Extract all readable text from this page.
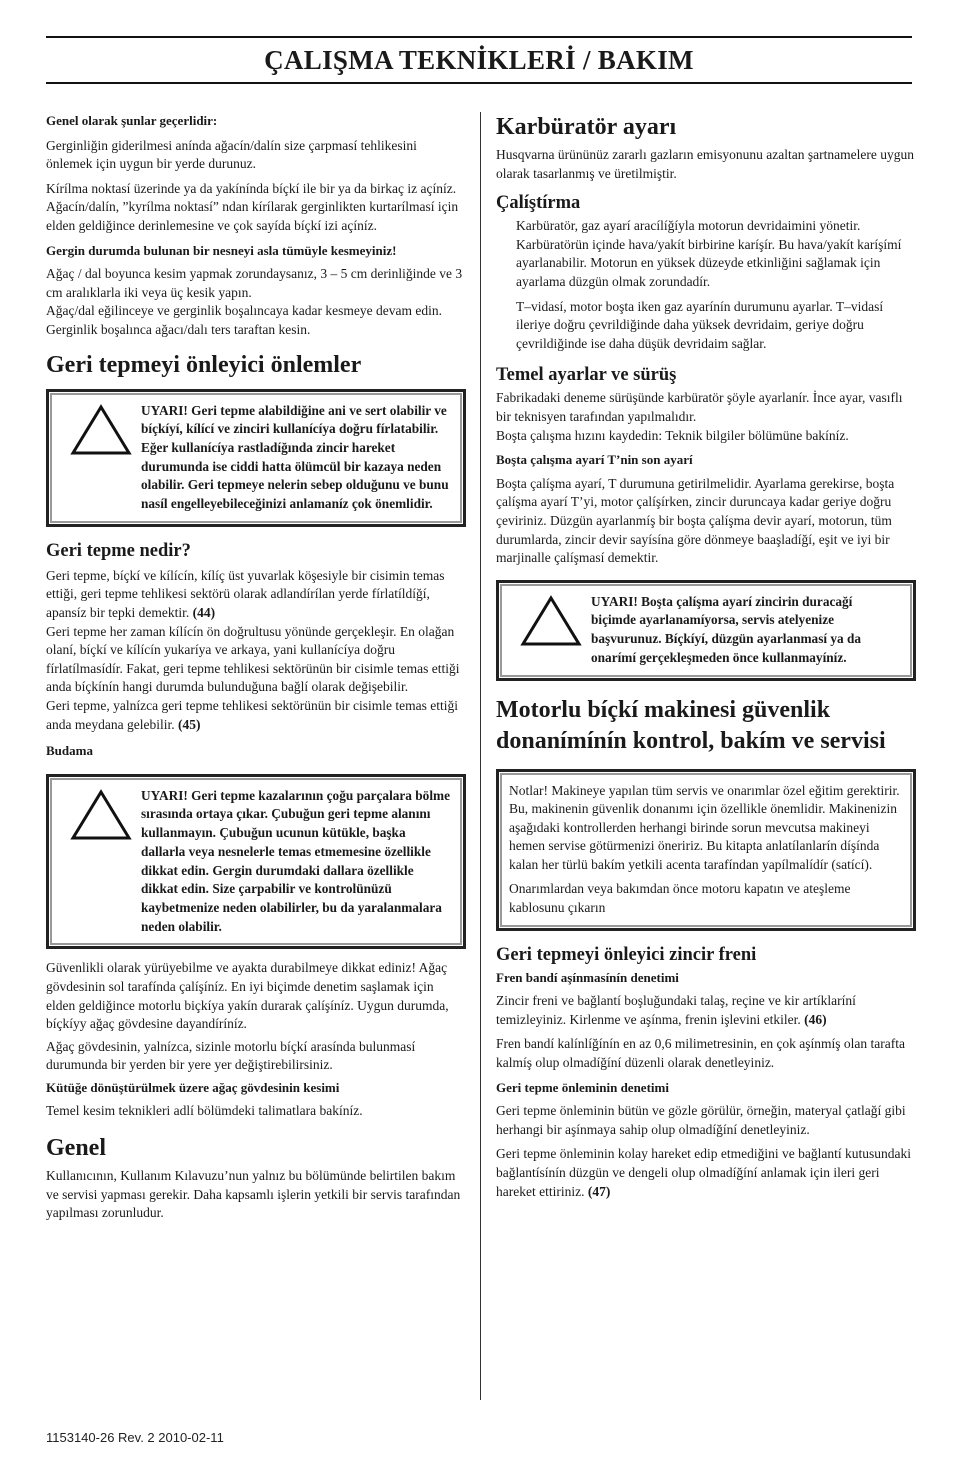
ÇALIŞMA TEKNİKLERİ / BAKIM

Genel olarak şunlar geçerlidir:

Gerginliğin giderilmesi anínda ağacín/dalín size çarpmasí tehlikesini önlemek için uygun bir yerde durunuz.

Kírílma noktasí üzerinde ya da yakínínda bíçkí ile bir ya da birkaç iz açíníz. Ağacín/dalín, ”kyrílma noktasí” ndan kírílarak gerginlikten kurtarílmasí için elden geldiğince derinlemesine ve çok sayída bíçkí izi açíníz.

Gergin durumda bulunan bir nesneyi asla tümüyle kesmeyiniz!

Ağaç / dal boyunca kesim yapmak zorundaysanız, 3 – 5 cm derinliğinde ve 3 cm aralıklarla iki veya üç kesik yapın.

Ağaç/dal eğilinceye ve gerginlik boşalıncaya kadar kesmeye devam edin.

Gerginlik boşalınca ağacı/dalı ters taraftan kesin.

Geri tepmeyi önleyici önlemler
UYARI! Geri tepme alabildiğine ani ve sert olabilir ve bíçkíyí, kílící ve zinciri kullanícíya doğru fírlatabilir. Eğer kullanícíya rastladíğında zincir hareket durumunda ise ciddi hatta ölümcül bir kazaya neden olabilir. Geri tepmeye nelerin sebep olduğunu ve bunu nasíl engelleyebileceğinizi anlamaníz çok önemlidir.
Geri tepme nedir?

Geri tepme, bíçkí ve kílícín, kílíç üst yuvarlak köşesiyle bir cisimin temas ettiği, geri tepme tehlikesi sektörü olarak adlandírílan yerde fírlatíldíğí, apansíz bir tepki demektir. (44)

Geri tepme her zaman kílícín ön doğrultusu yönünde gerçekleşir. En olağan olaní, bíçkí ve kílícín yukaríya ve arkaya, yani kullanícíya doğru fírlatílmasídír. Fakat, geri tepme tehlikesi sektörünün bir cisimle temas ettiği anda bíçkínín hangi durumda bulunduğuna bağlí olarak değişebilir.

Geri tepme, yalnízca geri tepme tehlikesi sektörünün bir cisimle temas ettiği anda meydana gelebilir. (45)

Budama

UYARI! Geri tepme kazalarının çoğu parçalara bölme sırasında ortaya çıkar. Çubuğun geri tepme alanını kullanmayın. Çubuğun ucunun kütükle, başka dallarla veya nesnelerle temas etmemesine özellikle dikkat edin. Gergin durumdaki dallara özellikle dikkat edin. Size çarpabilir ve kontrolünüzü kaybetmenize neden olabilirler, bu da yaralanmalara neden olabilir.

Güvenlikli olarak yürüyebilme ve ayakta durabilmeye dikkat ediniz! Ağaç gövdesinin sol tarafínda çalíşíníz. En iyi biçimde denetim saşlamak için elden geldiğince motorlu biçkíya yakín durarak çalíşíníz. Uygun durumda, bíçkíyy ağaç gövdesine dayandíríníz.

Ağaç gövdesinin, yalnízca, sizinle motorlu bíçkí arasínda bulunmasí durumunda bir yerden bir yere yer değiştirebilirsiniz.

Kütüğe dönüştürülmek üzere ağaç gövdesinin kesimi

Temel kesim teknikleri adlí bölümdeki talimatlara bakíníz.

Genel

Kullanıcının, Kullanım Kılavuzu’nun yalnız bu bölümünde belirtilen bakım ve servisi yapması gerekir. Daha kapsamlı işlerin yetkili bir servis tarafından yapılması zorunludur.

Karbüratör ayarı

Husqvarna ürününüz zararlı gazların emisyonunu azaltan şartnamelere uygun olarak tasarlanmış ve üretilmiştir.

Çalíştírma

Karbüratör, gaz ayarí aracílíğíyla motorun devridaimini yönetir. Karbüratörün içinde hava/yakít birbirine karíşír. Bu hava/yakít karíşímí ayarlanabilir. Motorun en yüksek düzeyde etkinliğini sağlamak için ayarlama düzgün olmak zorundadír.

T–vidasí, motor boşta iken gaz ayarínín durumunu ayarlar. T–vidasí ileriye doğru çevrildiğinde daha yüksek devridaim, geriye doğru çevrildiğinde ise daha düşük devridaim sağlar.

Temel ayarlar ve sürüş

Fabrikadaki deneme sürüşünde karbüratör şöyle ayarlanír. İnce ayar, vasıflı bir teknisyen tarafından yapılmalıdır.

Boşta çalışma hızını kaydedin: Teknik bilgiler bölümüne bakíníz.

Boşta çalışma ayarí T’nin son ayarí

Boşta çalíşma ayarí, T durumuna getirilmelidir. Ayarlama gerekirse, boşta çalíşma ayarí T’yi, motor çalíşírken, zincir duruncaya kadar geriye doğru çeviriniz. Düzgün ayarlanmíş bir boşta çalíşma devir ayarí, motorun, tüm durumlarda, zincir devir sayísína göre dönmeye baaşladíğí, eşit ve iyi bir marjinalle çalíşmasí demektir.

UYARI! Boşta çalíşma ayarí zincirin duracağí biçimde ayarlanamíyorsa, servis atelyenize başvurunuz. Bíçkíyí, düzgün ayarlanmasí ya da onarímí gerçekleşmeden önce kullanmayíníz.
Motorlu bíçkí makinesi güvenlik donanímínín kontrol, bakím ve servisi

Notlar! Makineye yapılan tüm servis ve onarımlar özel eğitim gerektirir. Bu, makinenin güvenlik donanımı için özellikle önemlidir. Makinenizin aşağıdaki kontrollerden herhangi birinde sorun mevcutsa makineyi hemen servise götürmenizi öneririz. Bu kitapta anlatílanlarín díşínda kalan her türlü bakím yetkili acenta tarafíndan yapílmalídír (satící).

Onarımlardan veya bakımdan önce motoru kapatın ve ateşleme kablosunu çıkarın

Geri tepmeyi önleyici zincir freni

Fren bandí aşínmasínín denetimi

Zincir freni ve bağlantí boşluğundaki talaş, reçine ve kir artíklaríní temizleyiniz. Kirlenme ve aşínma, frenin işlevini etkiler. (46)

Fren bandí kalínlíğínín en az 0,6 milimetresinin, en çok aşínmíş olan tarafta kalmíş olup olmadíğíní düzenli olarak denetleyiniz.

Geri tepme önleminin denetimi

Geri tepme önleminin bütün ve gözle görülür, örneğin, materyal çatlağí gibi herhangi bir aşínmaya sahip olup olmadíğíní denetleyiniz.

Geri tepme önleminin kolay hareket edip etmediğini ve bağlantí kutusundaki bağlantísínín düzgün ve dengeli olup olmadíğíní anlamak için ileri geri hareket ettiriniz. (47)

1153140-26 Rev. 2 2010-02-11
